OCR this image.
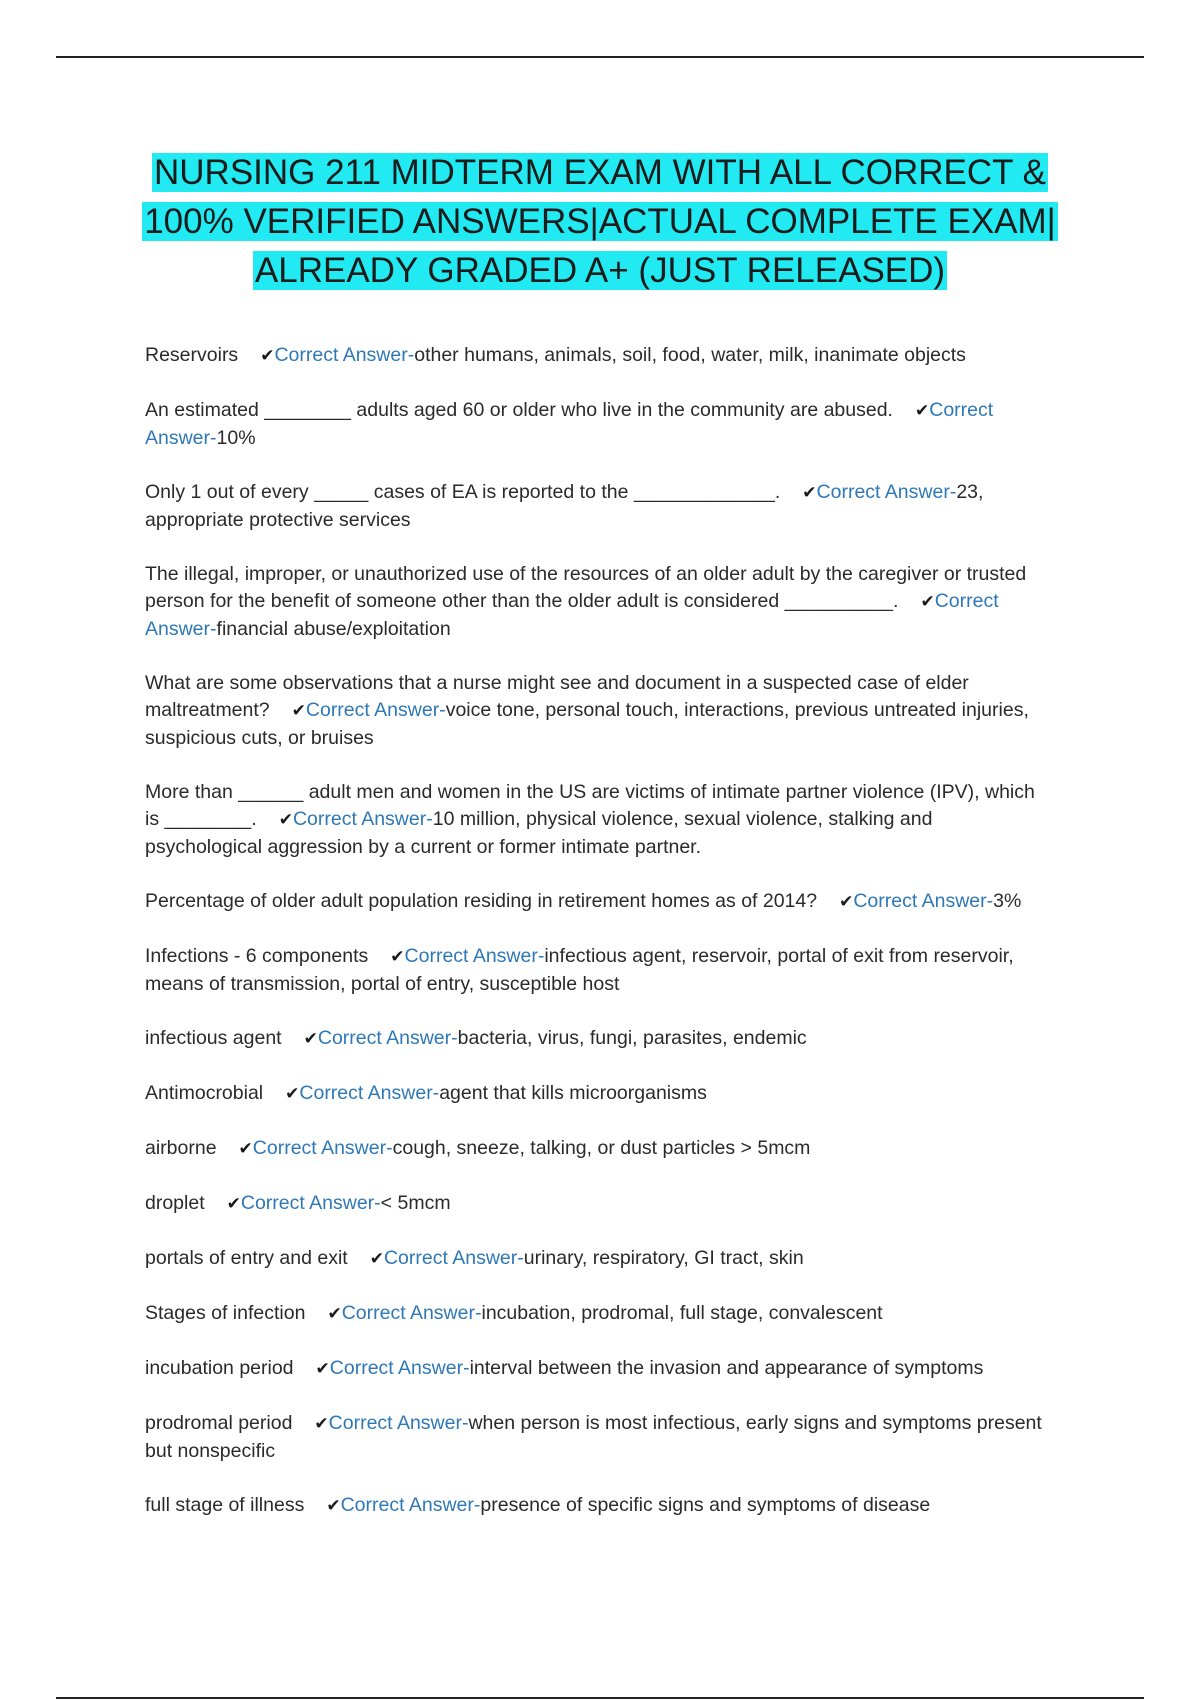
NURSING 211 MIDTERM EXAM WITH ALL CORRECT &
100% VERIFIED ANSWERS|ACTUAL COMPLETE EXAM|
ALREADY GRADED A+ (JUST RELEASED)

Reservoirs ✔Correct Answer-other humans, animals, soil, food, water, milk, inanimate objects
An estimated ________ adults aged 60 or older who live in the community are abused. ✔Correct Answer-10%
Only 1 out of every _____ cases of EA is reported to the _____________. ✔Correct Answer-23, appropriate protective services
The illegal, improper, or unauthorized use of the resources of an older adult by the caregiver or trusted person for the benefit of someone other than the older adult is considered __________. ✔Correct Answer-financial abuse/exploitation
What are some observations that a nurse might see and document in a suspected case of elder maltreatment? ✔Correct Answer-voice tone, personal touch, interactions, previous untreated injuries, suspicious cuts, or bruises
More than ______ adult men and women in the US are victims of intimate partner violence (IPV), which is ________. ✔Correct Answer-10 million, physical violence, sexual violence, stalking and psychological aggression by a current or former intimate partner.
Percentage of older adult population residing in retirement homes as of 2014? ✔Correct Answer-3%
Infections - 6 components ✔Correct Answer-infectious agent, reservoir, portal of exit from reservoir, means of transmission, portal of entry, susceptible host
infectious agent ✔Correct Answer-bacteria, virus, fungi, parasites, endemic
Antimocrobial ✔Correct Answer-agent that kills microorganisms
airborne ✔Correct Answer-cough, sneeze, talking, or dust particles > 5mcm
droplet ✔Correct Answer-< 5mcm
portals of entry and exit ✔Correct Answer-urinary, respiratory, GI tract, skin
Stages of infection ✔Correct Answer-incubation, prodromal, full stage, convalescent
incubation period ✔Correct Answer-interval between the invasion and appearance of symptoms
prodromal period ✔Correct Answer-when person is most infectious, early signs and symptoms present but nonspecific
full stage of illness ✔Correct Answer-presence of specific signs and symptoms of disease
